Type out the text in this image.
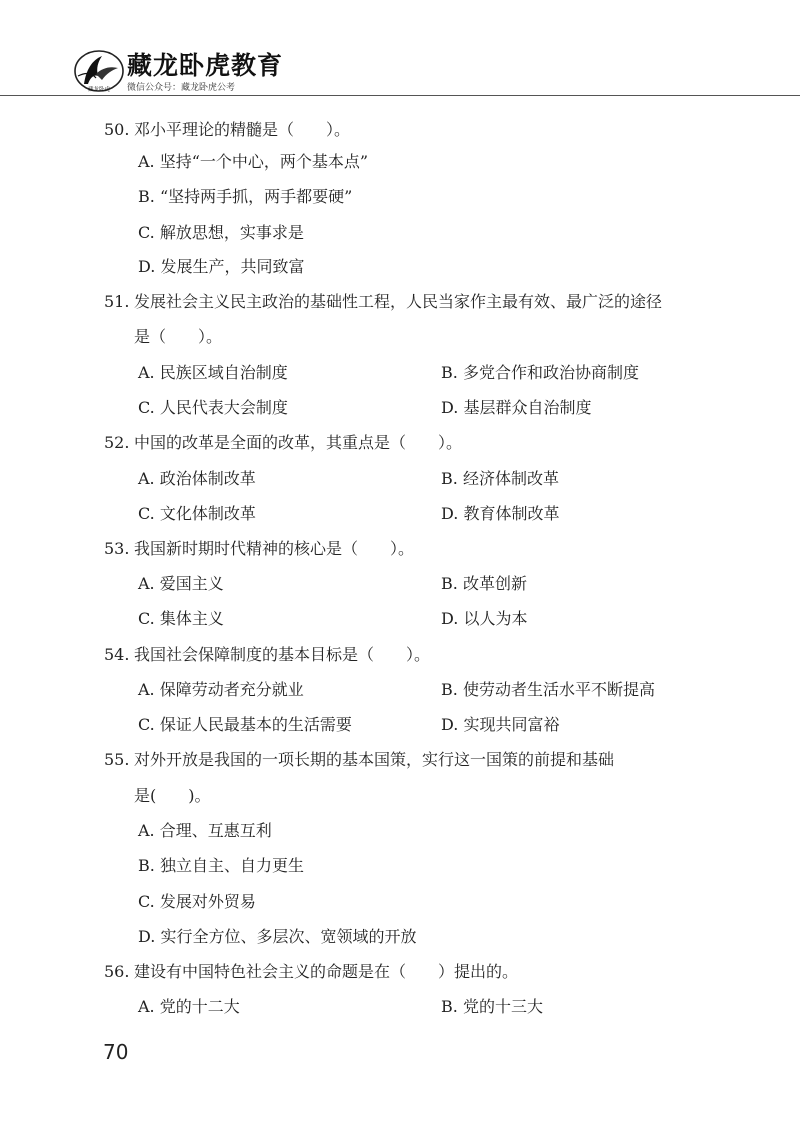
藏龙卧虎
藏龙卧虎教育
微信公众号：藏龙卧虎公考
50. 邓小平理论的精髓是（　　）。
A. 坚持“一个中心，两个基本点”
B. “坚持两手抓，两手都要硬”
C. 解放思想，实事求是
D. 发展生产，共同致富
51. 发展社会主义民主政治的基础性工程，人民当家作主最有效、最广泛的途径
是（　　）。
A. 民族区域自治制度	B. 多党合作和政治协商制度
C. 人民代表大会制度	D. 基层群众自治制度
52. 中国的改革是全面的改革，其重点是（　　）。
A. 政治体制改革	B. 经济体制改革
C. 文化体制改革	D. 教育体制改革
53. 我国新时期时代精神的核心是（　　）。
A. 爱国主义	B. 改革创新
C. 集体主义	D. 以人为本
54. 我国社会保障制度的基本目标是（　　）。
A. 保障劳动者充分就业	B. 使劳动者生活水平不断提高
C. 保证人民最基本的生活需要	D. 实现共同富裕
55. 对外开放是我国的一项长期的基本国策，实行这一国策的前提和基础
是(　　)。
A. 合理、互惠互利
B. 独立自主、自力更生
C. 发展对外贸易
D. 实行全方位、多层次、宽领域的开放
56. 建设有中国特色社会主义的命题是在（　　）提出的。
A. 党的十二大	B. 党的十三大
70
